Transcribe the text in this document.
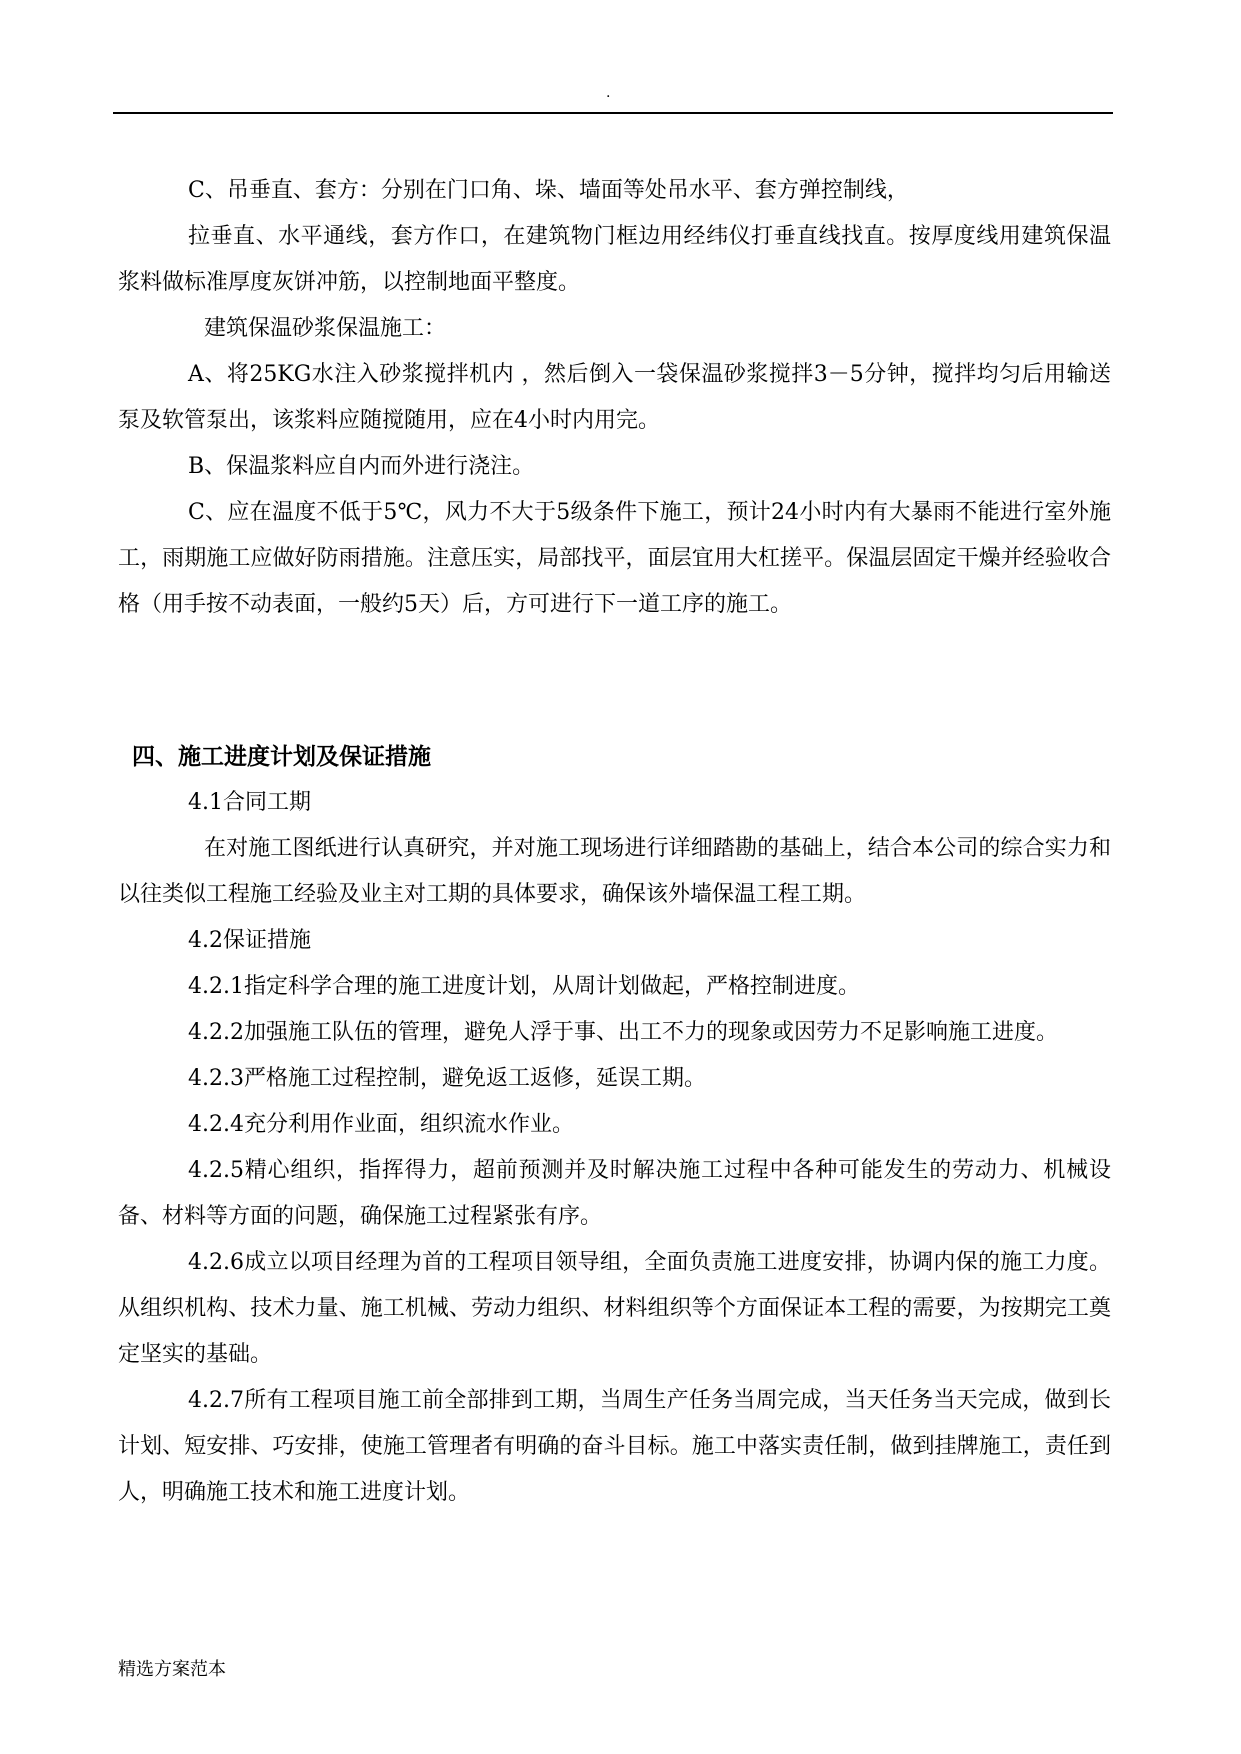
.

C、吊垂直、套方：分别在门口角、垛、墙面等处吊水平、套方弹控制线，

拉垂直、水平通线，套方作口，在建筑物门框边用经纬仪打垂直线找直。按厚度线用建筑保温浆料做标准厚度灰饼冲筋，以控制地面平整度。

建筑保温砂浆保温施工：

A、将25KG水注入砂浆搅拌机内 ，然后倒入一袋保温砂浆搅拌3－5分钟，搅拌均匀后用输送泵及软管泵出，该浆料应随搅随用，应在4小时内用完。

B、保温浆料应自内而外进行浇注。

C、应在温度不低于5℃，风力不大于5级条件下施工，预计24小时内有大暴雨不能进行室外施工，雨期施工应做好防雨措施。注意压实，局部找平，面层宜用大杠搓平。保温层固定干燥并经验收合格（用手按不动表面，一般约5天）后，方可进行下一道工序的施工。

四、施工进度计划及保证措施

4.1合同工期

在对施工图纸进行认真研究，并对施工现场进行详细踏勘的基础上，结合本公司的综合实力和以往类似工程施工经验及业主对工期的具体要求，确保该外墙保温工程工期。

4.2保证措施

4.2.1指定科学合理的施工进度计划，从周计划做起，严格控制进度。

4.2.2加强施工队伍的管理，避免人浮于事、出工不力的现象或因劳力不足影响施工进度。

4.2.3严格施工过程控制，避免返工返修，延误工期。

4.2.4充分利用作业面，组织流水作业。

4.2.5精心组织，指挥得力，超前预测并及时解决施工过程中各种可能发生的劳动力、机械设备、材料等方面的问题，确保施工过程紧张有序。

4.2.6成立以项目经理为首的工程项目领导组，全面负责施工进度安排，协调内保的施工力度。从组织机构、技术力量、施工机械、劳动力组织、材料组织等个方面保证本工程的需要，为按期完工奠定坚实的基础。

4.2.7所有工程项目施工前全部排到工期，当周生产任务当周完成，当天任务当天完成，做到长计划、短安排、巧安排，使施工管理者有明确的奋斗目标。施工中落实责任制，做到挂牌施工，责任到人，明确施工技术和施工进度计划。

精选方案范本
